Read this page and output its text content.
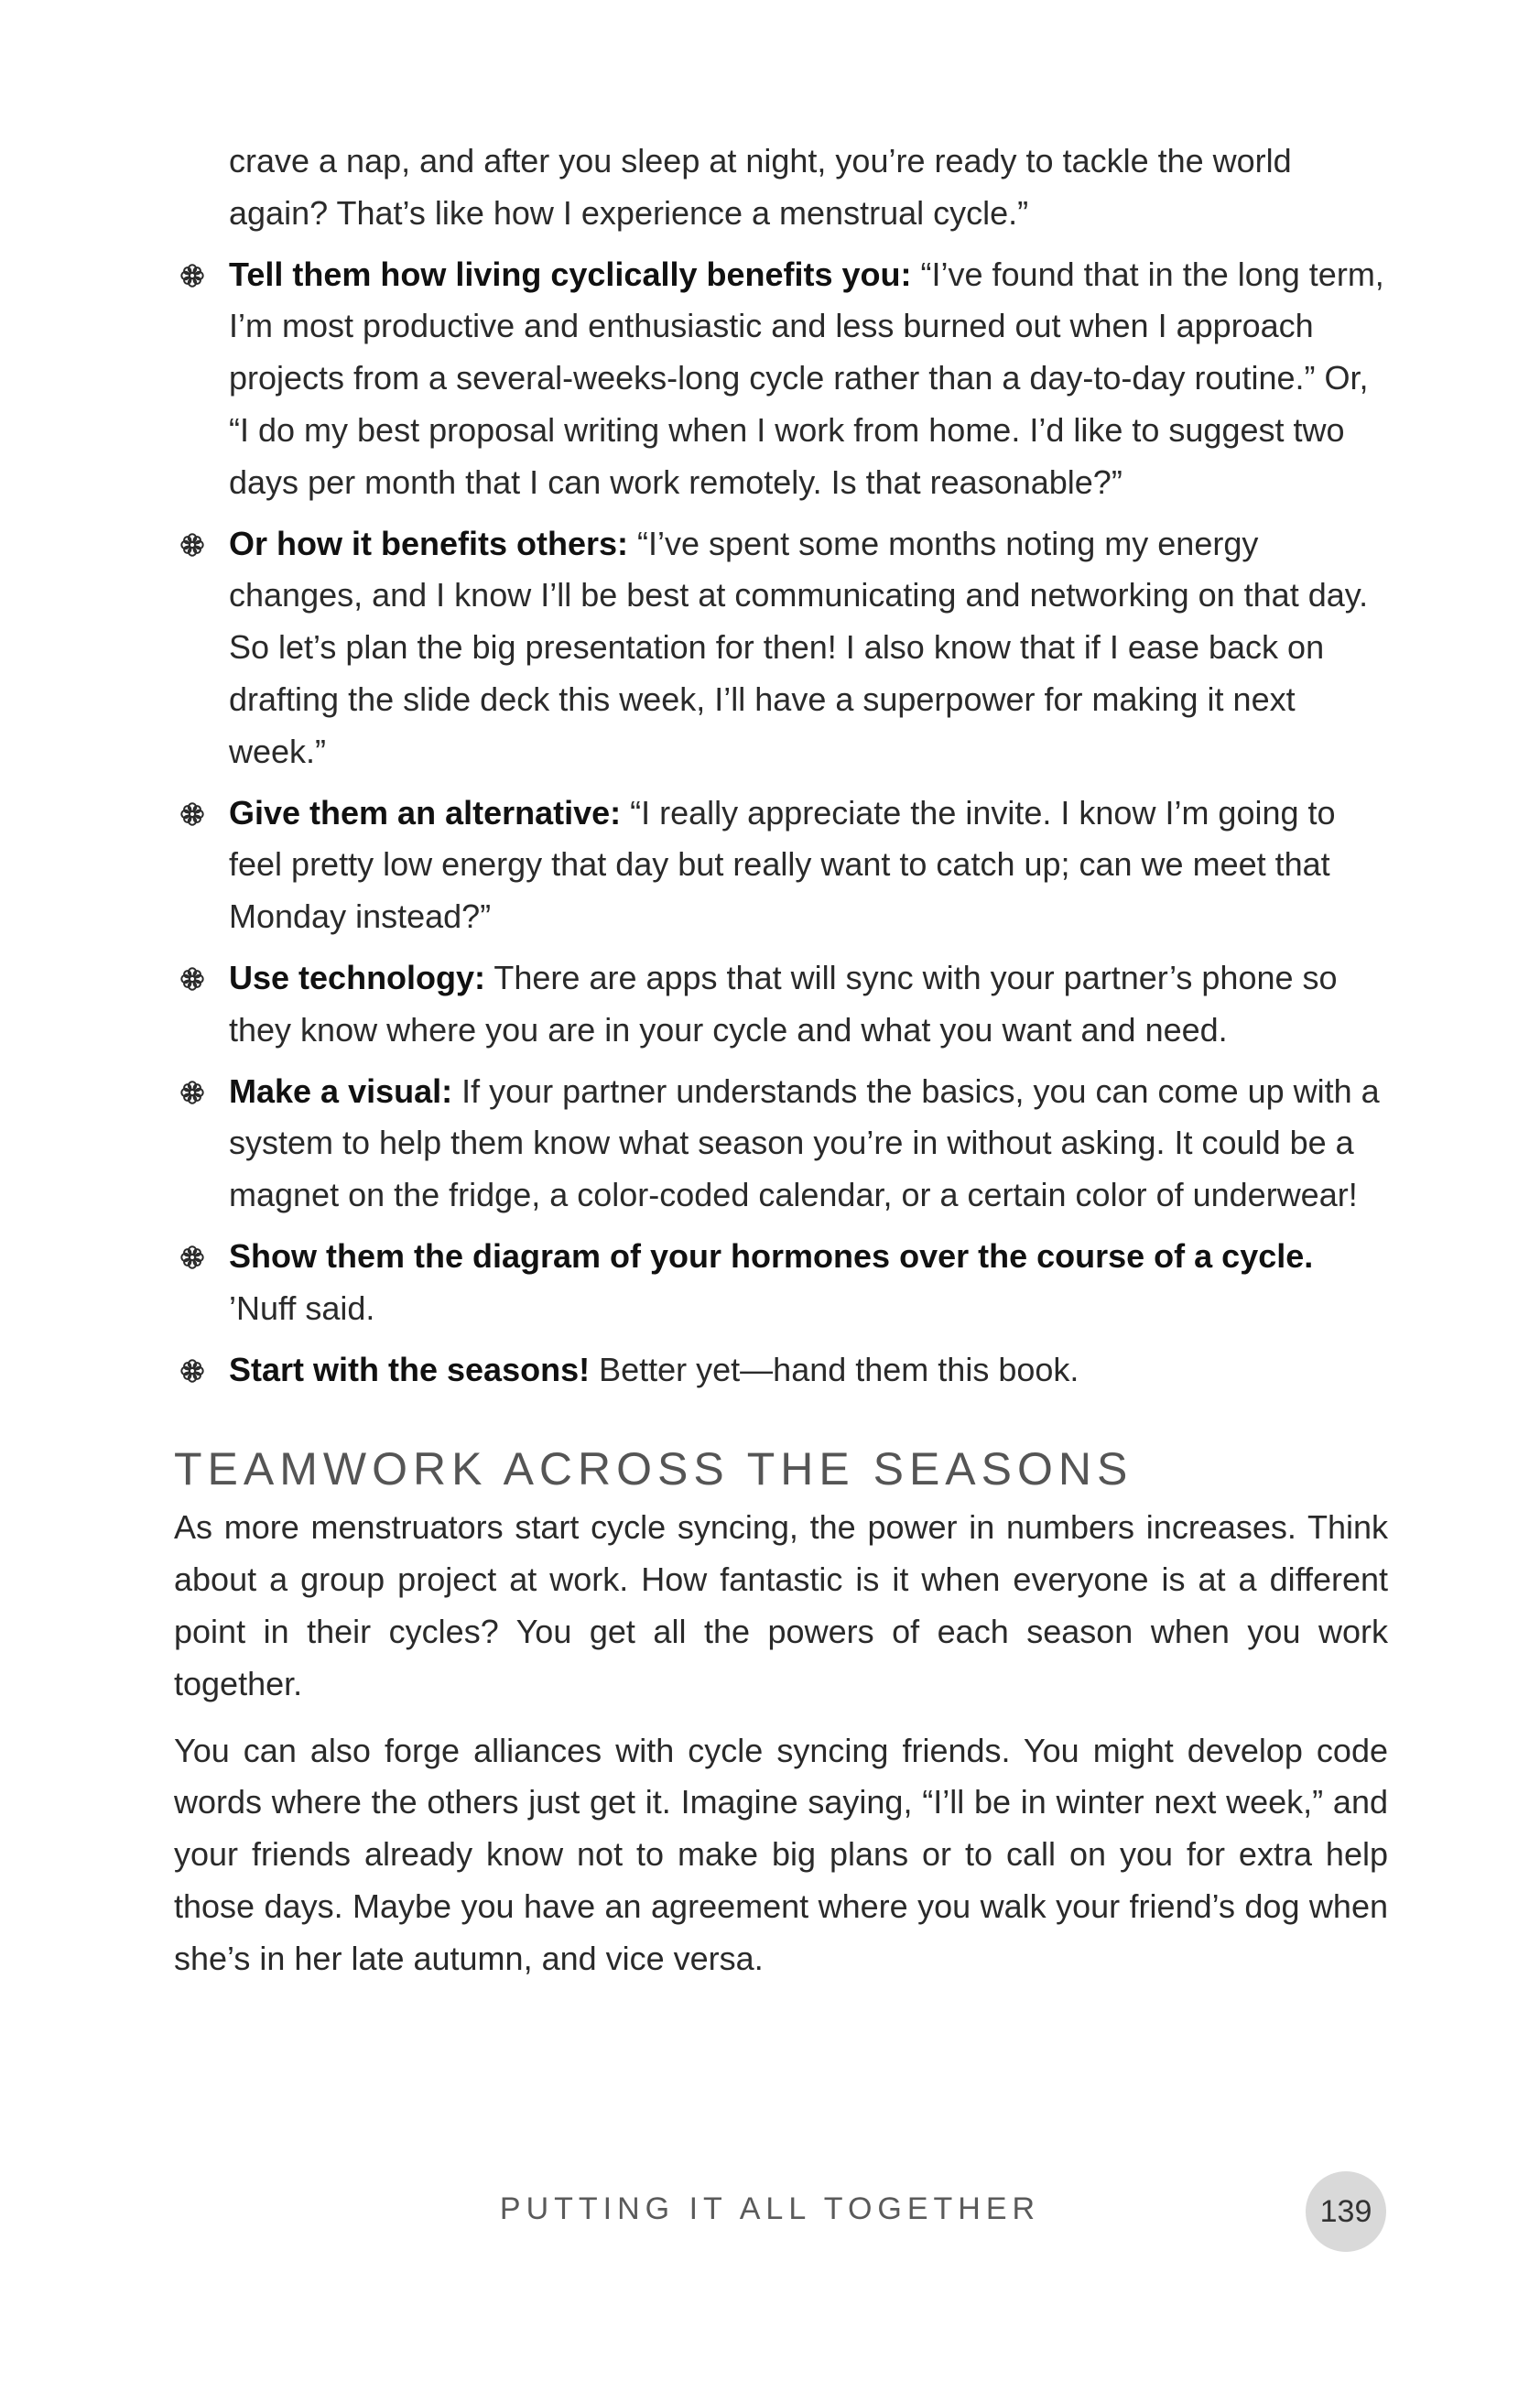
crave a nap, and after you sleep at night, you’re ready to tackle the world again? That’s like how I experience a menstrual cycle.”

Tell them how living cyclically benefits you: “I’ve found that in the long term, I’m most productive and enthusiastic and less burned out when I approach projects from a several-weeks-long cycle rather than a day-to-day routine.” Or, “I do my best proposal writing when I work from home. I’d like to suggest two days per month that I can work remotely. Is that reasonable?”
Or how it benefits others: “I’ve spent some months noting my energy changes, and I know I’ll be best at communicating and networking on that day. So let’s plan the big presentation for then! I also know that if I ease back on drafting the slide deck this week, I’ll have a superpower for making it next week.”
Give them an alternative: “I really appreciate the invite. I know I’m going to feel pretty low energy that day but really want to catch up; can we meet that Monday instead?”
Use technology: There are apps that will sync with your partner’s phone so they know where you are in your cycle and what you want and need.
Make a visual: If your partner understands the basics, you can come up with a system to help them know what season you’re in without asking. It could be a magnet on the fridge, a color-coded calendar, or a certain color of underwear!
Show them the diagram of your hormones over the course of a cycle. ’Nuff said.
Start with the seasons! Better yet—hand them this book.
TEAMWORK ACROSS THE SEASONS

As more menstruators start cycle syncing, the power in numbers increases. Think about a group project at work. How fantastic is it when everyone is at a different point in their cycles? You get all the powers of each season when you work together.

You can also forge alliances with cycle syncing friends. You might develop code words where the others just get it. Imagine saying, “I’ll be in winter next week,” and your friends already know not to make big plans or to call on you for extra help those days. Maybe you have an agreement where you walk your friend’s dog when she’s in her late autumn, and vice versa.

PUTTING IT ALL TOGETHER	139
